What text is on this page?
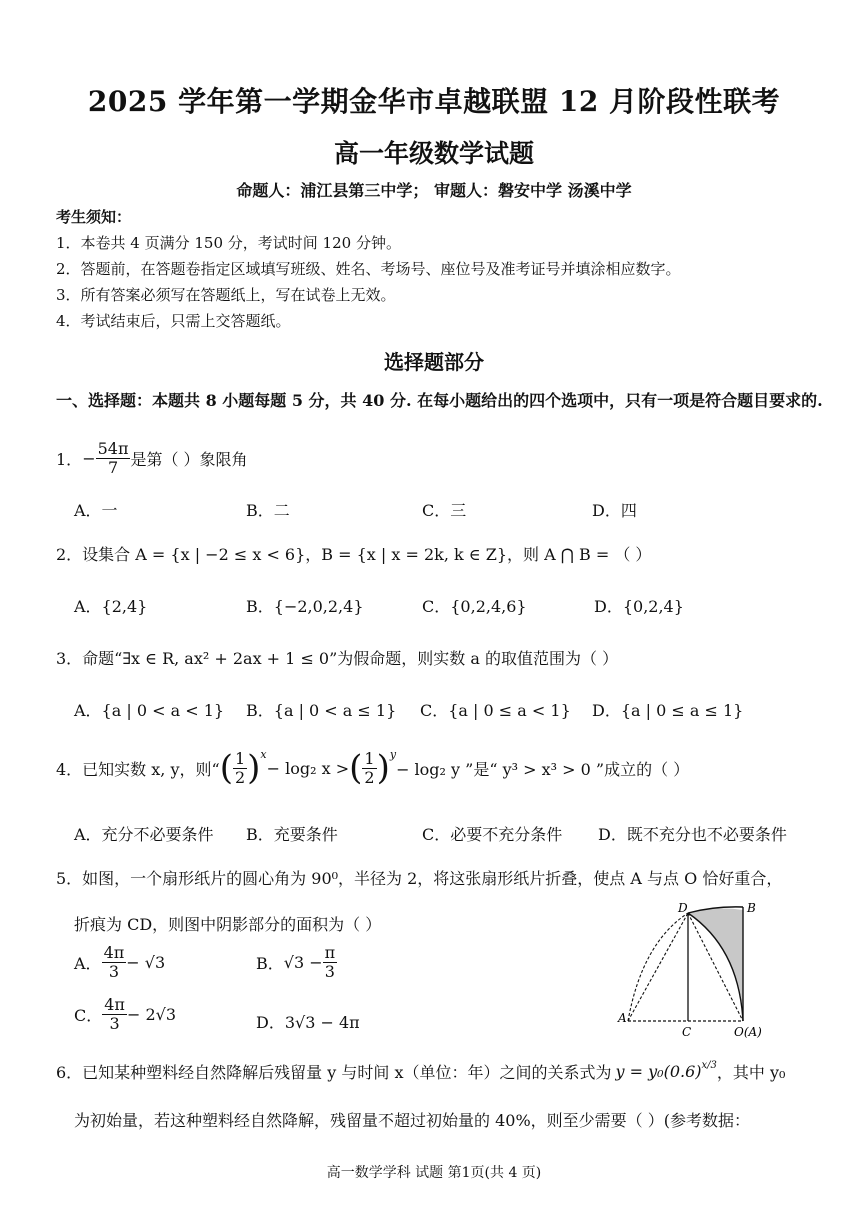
2025 学年第一学期金华市卓越联盟 12 月阶段性联考
高一年级数学试题
命题人：浦江县第三中学； 审题人：磐安中学 汤溪中学
考生须知：
1．本卷共 4 页满分 150 分，考试时间 120 分钟。
2．答题前，在答题卷指定区域填写班级、姓名、考场号、座位号及准考证号并填涂相应数字。
3．所有答案必须写在答题纸上，写在试卷上无效。
4．考试结束后，只需上交答题纸。
选择题部分
一、选择题：本题共 8 小题每题 5 分，共 40 分. 在每小题给出的四个选项中，只有一项是符合题目要求的.
1． − $\frac{54\pi}{7}$ 是第（ ）象限角
A．一	B．二	C．三	D．四
2．设集合 A = {x | −2 ≤ x < 6}，B = {x | x = 2k, k ∈ Z}，则 A ⋂ B = （ ）
A．{2,4}	B．{−2,0,2,4}	C．{0,2,4,6}	D．{0,2,4}
3．命题“∃x ∈ R, ax² + 2ax + 1 ≤ 0”为假命题，则实数 a 的取值范围为（ ）
A．{a | 0 < a < 1} B．{a | 0 < a ≤ 1} C．{a | 0 ≤ a < 1} D．{a | 0 ≤ a ≤ 1}
4．已知实数 x, y，则“ ( $\frac{1}{2}$ ) x
− log₂ x > ( $\frac{1}{2}$ ) y
− log₂ y ”是“ y³ > x³ > 0 ”成立的（ ）
A．充分不必要条件 B．充要条件	C．必要不充分条件 D．既不充分也不必要条件
5．如图，一个扇形纸片的圆心角为 90⁰，半径为 2，将这张扇形纸片折叠，使点 A 与点 O 恰好重合，
折痕为 CD，则图中阴影部分的面积为（ ）
A． $\frac{4\pi}{3} - √3$	B． $√3 - \frac{\pi}{3}$
C． $\frac{4\pi}{3} - 2√3$	D．3√3 − 4π
D	B
A
C	O(A)
6．已知某种塑料经自然降解后残留量 y 与时间 x（单位：年）之间的关系式为 y = y₀(0.6) x/3 ，其中 y₀
为初始量，若这种塑料经自然降解，残留量不超过初始量的 40%，则至少需要（ ）(参考数据：
高一数学学科 试题 第1页(共 4 页)
